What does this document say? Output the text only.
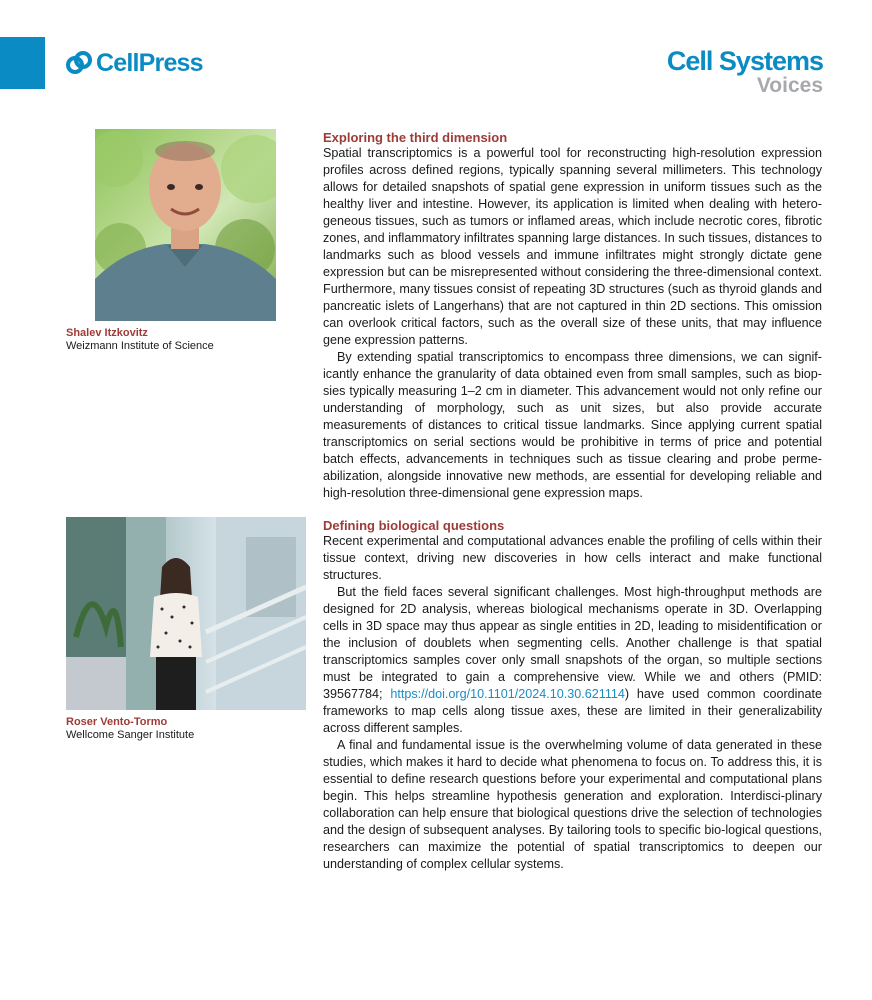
CellPress	Cell Systems
Voices
Shalev Itzkovitz
Weizmann Institute of Science
Roser Vento-Tormo
Wellcome Sanger Institute
Exploring the third dimension

Spatial transcriptomics is a powerful tool for reconstructing high-resolution expression profiles across defined regions, typically spanning several millimeters. This technology allows for detailed snapshots of spatial gene expression in uniform tissues such as the healthy liver and intestine. However, its application is limited when dealing with hetero-geneous tissues, such as tumors or inflamed areas, which include necrotic cores, fibrotic zones, and inflammatory infiltrates spanning large distances. In such tissues, distances to landmarks such as blood vessels and immune infiltrates might strongly dictate gene expression but can be misrepresented without considering the three-dimensional context. Furthermore, many tissues consist of repeating 3D structures (such as thyroid glands and pancreatic islets of Langerhans) that are not captured in thin 2D sections. This omission can overlook critical factors, such as the overall size of these units, that may influence gene expression patterns.

By extending spatial transcriptomics to encompass three dimensions, we can signif-icantly enhance the granularity of data obtained even from small samples, such as biop-sies typically measuring 1–2 cm in diameter. This advancement would not only refine our understanding of morphology, such as unit sizes, but also provide accurate measurements of distances to critical tissue landmarks. Since applying current spatial transcriptomics on serial sections would be prohibitive in terms of price and potential batch effects, advancements in techniques such as tissue clearing and probe perme-abilization, alongside innovative new methods, are essential for developing reliable and high-resolution three-dimensional gene expression maps.

Defining biological questions

Recent experimental and computational advances enable the profiling of cells within their tissue context, driving new discoveries in how cells interact and make functional structures.

But the field faces several significant challenges. Most high-throughput methods are designed for 2D analysis, whereas biological mechanisms operate in 3D. Overlapping cells in 3D space may thus appear as single entities in 2D, leading to misidentification or the inclusion of doublets when segmenting cells. Another challenge is that spatial transcriptomics samples cover only small snapshots of the organ, so multiple sections must be integrated to gain a comprehensive view. While we and others (PMID: 39567784; https://doi.org/10.1101/2024.10.30.621114) have used common coordinate frameworks to map cells along tissue axes, these are limited in their generalizability across different samples.

A final and fundamental issue is the overwhelming volume of data generated in these studies, which makes it hard to decide what phenomena to focus on. To address this, it is essential to define research questions before your experimental and computational plans begin. This helps streamline hypothesis generation and exploration. Interdisci-plinary collaboration can help ensure that biological questions drive the selection of technologies and the design of subsequent analyses. By tailoring tools to specific bio-logical questions, researchers can maximize the potential of spatial transcriptomics to deepen our understanding of complex cellular systems.
